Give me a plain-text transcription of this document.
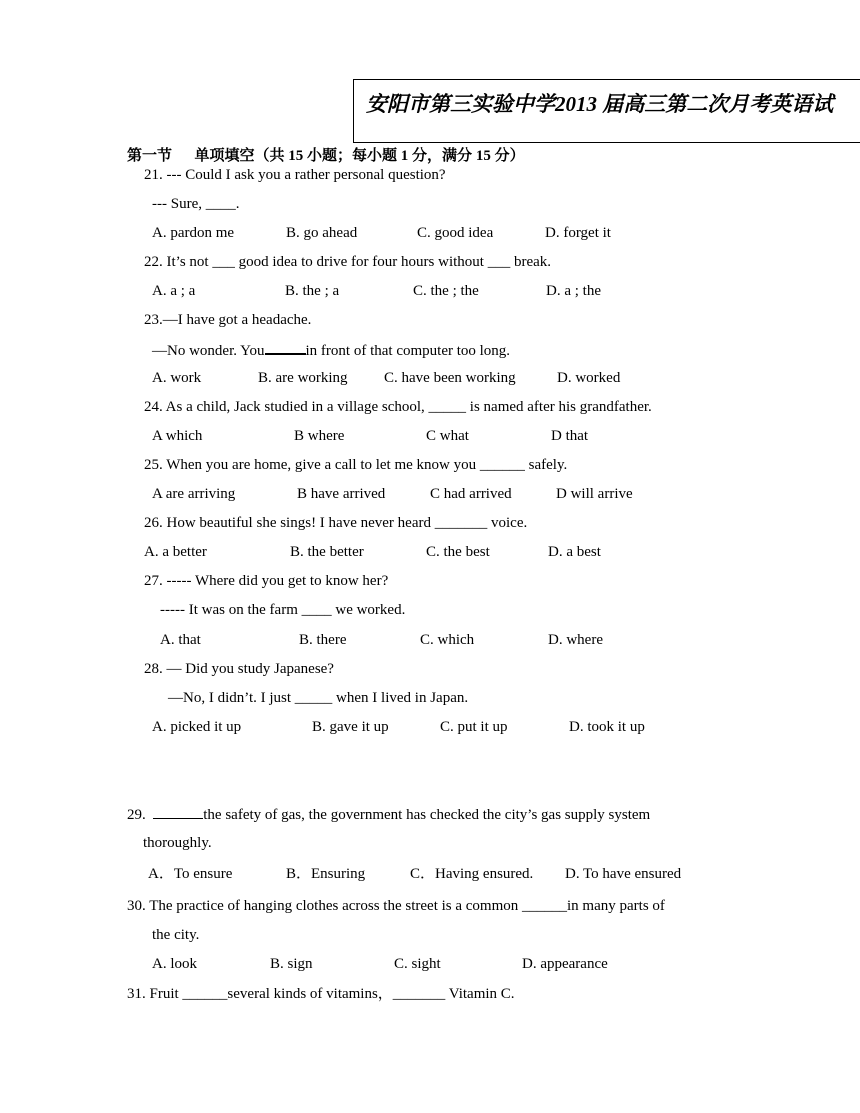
安阳市第三实验中学2013 届高三第二次月考英语试
第一节 单项填空（共 15 小题；每小题 1 分，满分 15 分）
21. --- Could I ask you a rather personal question?
--- Sure, ____.
A. pardon me	B. go ahead	C. good idea	D. forget it
22. It’s not ___ good idea to drive for four hours without ___ break.
A. a ; a	B. the ; a	C. the ; the	D. a ; the
23.—I have got a headache.
—No wonder. You	in front of that computer too long.
A. work	B. are working C. have been working	D. worked
24. As a child, Jack studied in a village school, _____ is named after his grandfather.
A which	B where	C what	D that
25. When you are home, give a call to let me know you ______ safely.
A are arriving	B have arrived	C had arrived	D will arrive
26. How beautiful she sings! I have never heard _______ voice.
A. a better	B. the better	C. the best	D. a best
27. ----- Where did you get to know her?
----- It was on the farm ____ we worked.
A. that	B. there	C. which	D. where
28. — Did you study Japanese?
—No, I didn’t. I just _____ when I lived in Japan.
A. picked it up	B. gave it up	C. put it up	D. took it up
29.	the safety of gas, the government has checked the city’s gas supply system
thoroughly.
A．To ensure	B．Ensuring	C．Having ensured. D. To have ensured
30. The practice of hanging clothes across the street is a common ______in many parts of
the city.
A. look	B. sign	C. sight	D. appearance
31. Fruit ______several kinds of vitamins，_______ Vitamin C.
